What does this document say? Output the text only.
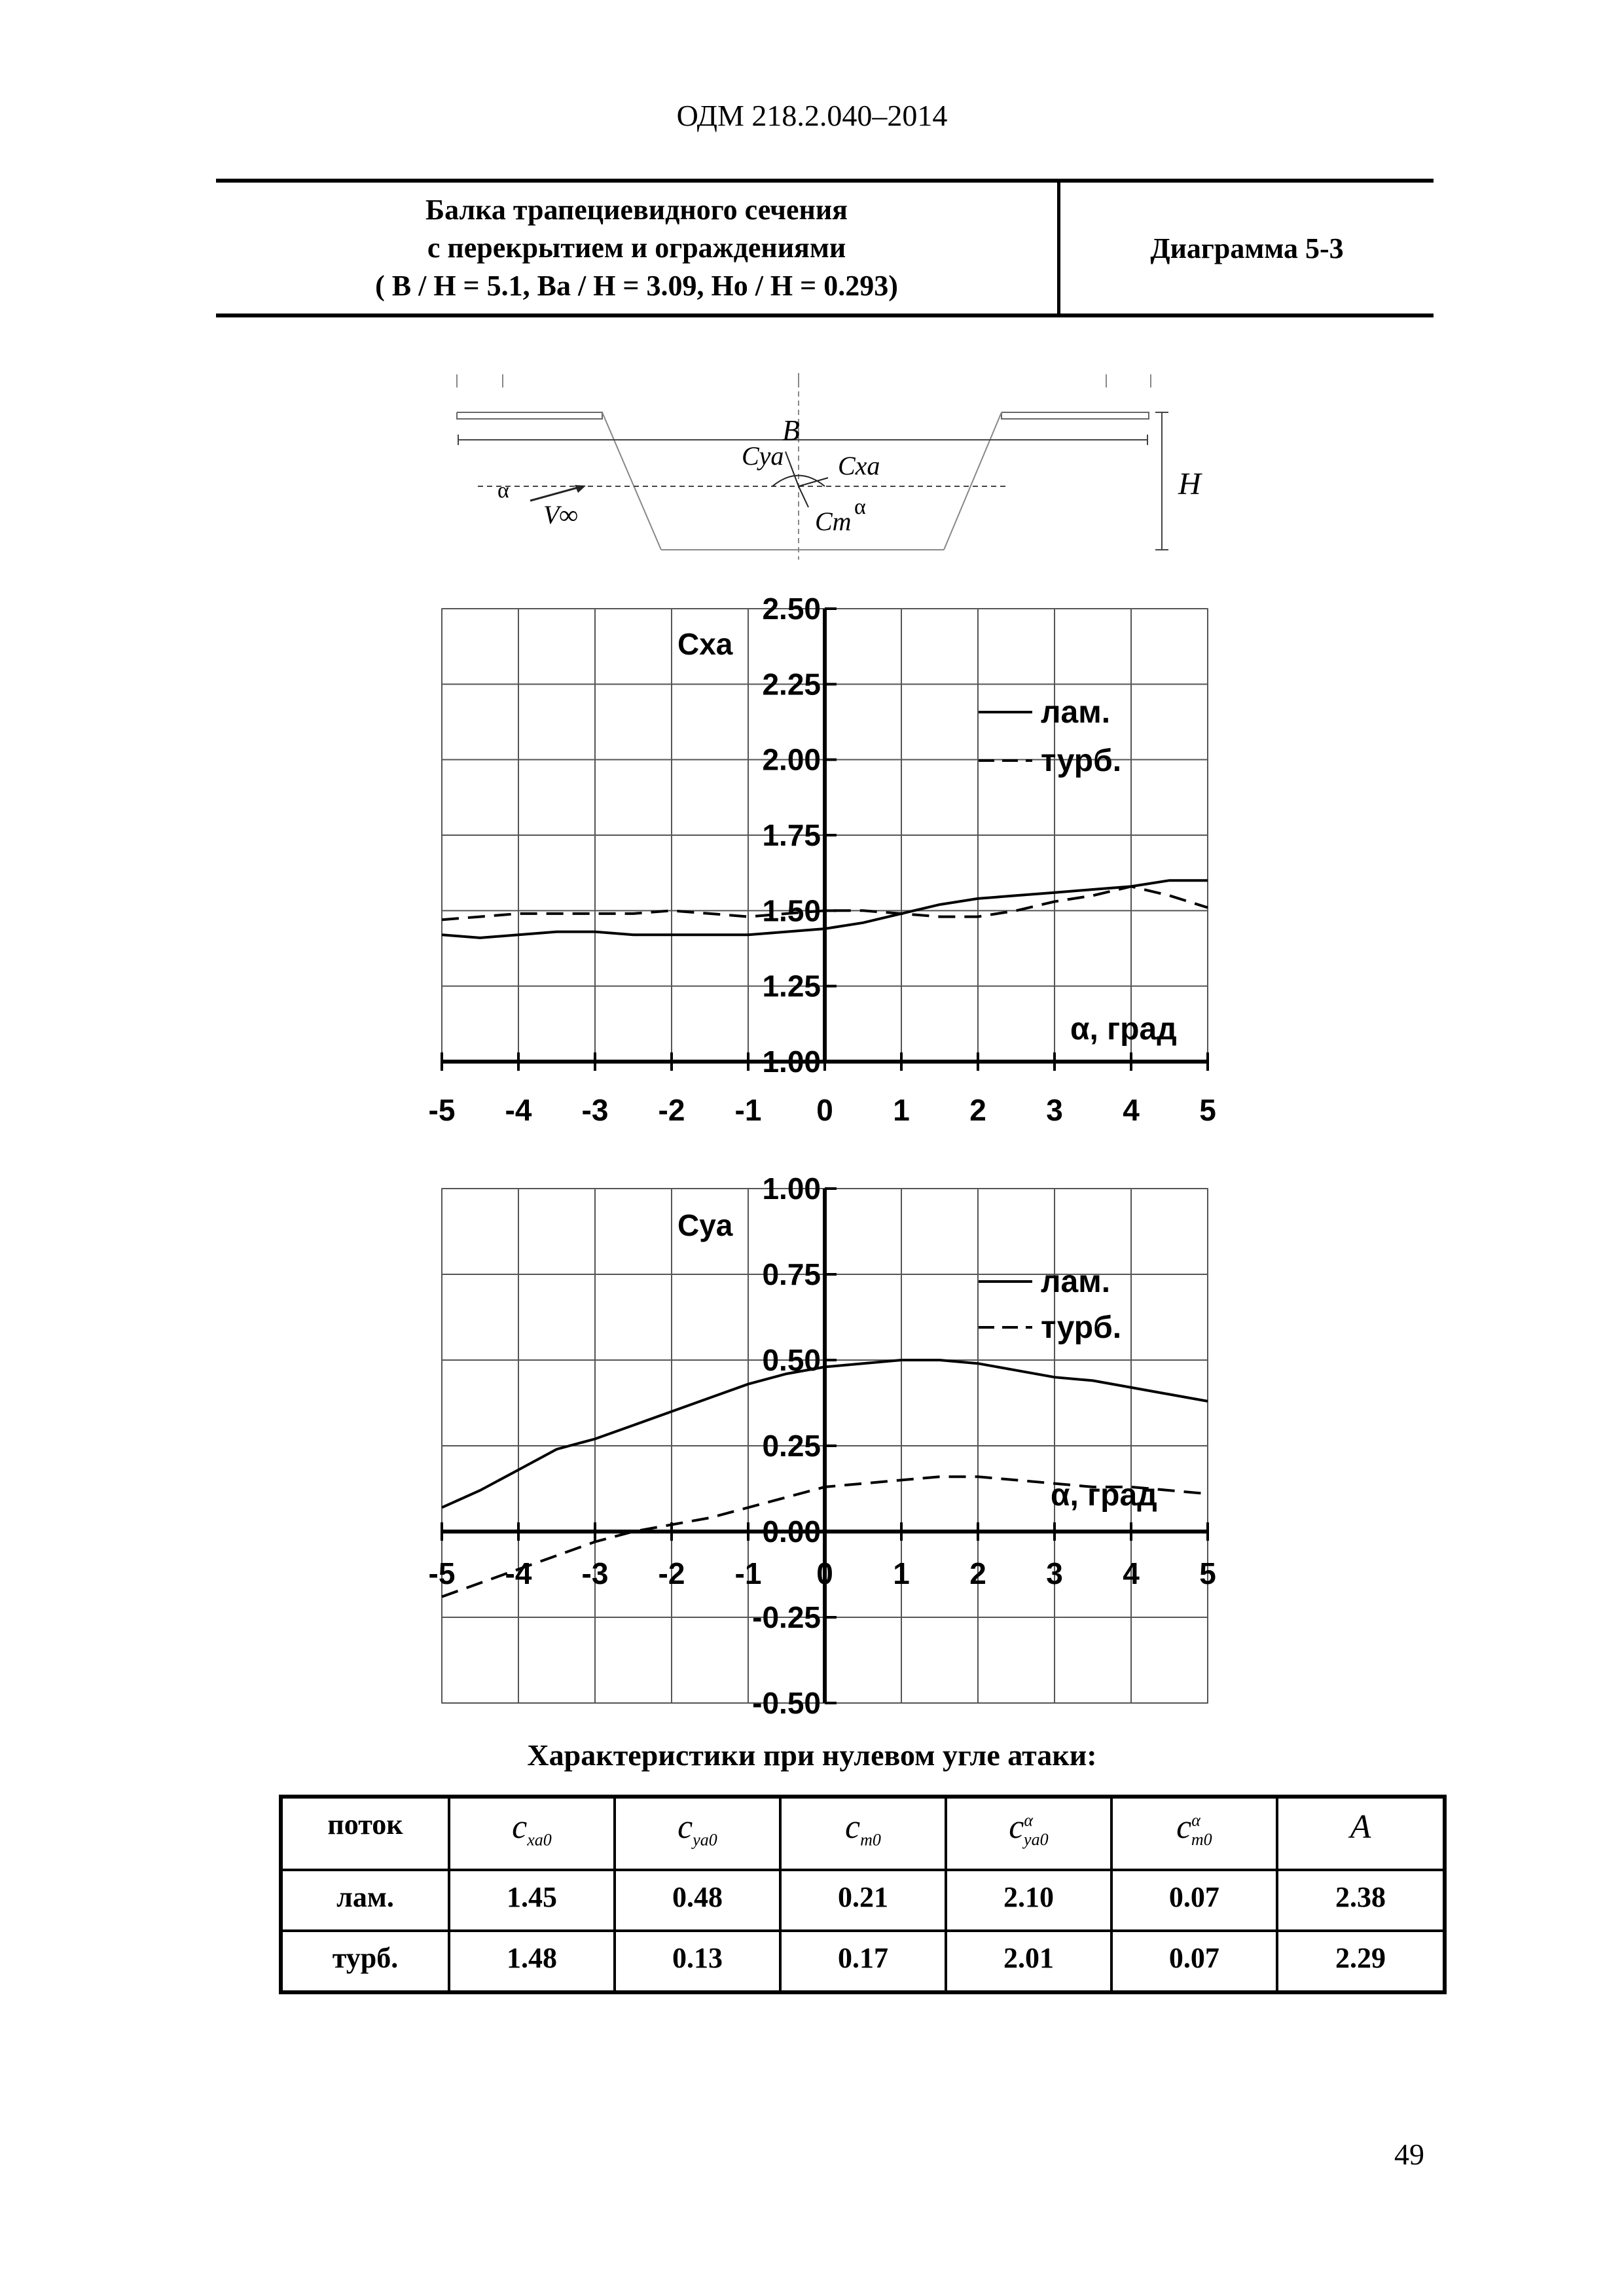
ОДМ 218.2.040–2014
Балка трапециевидного сечения
с перекрытием и ограждениями
( B / H = 5.1, Bа / H = 3.09, Hо / H = 0.293)
Диаграмма 5-3
B
H
α
V∞
Cya Cxa
Cm α
-5 -4 -3 -2 -1 0 1 2 3 4 5
1.00
1.25
1.50
1.75
2.00
2.25
2.50
Cxa
α, град
лам.
турб.
-5 -4 -3 -2 -1 0 1 2 3 4 5
-0.50
-0.25
0.00
0.25
0.50
0.75
1.00
Cya
α, град
лам.
турб.
Характеристики при нулевом угле атаки:
поток	$c_{xa0}$	$c_{ya0}$	$c_{m0}$	$c^\alpha_{ya0}$	$c^\alpha_{m0}$	A
лам.	1.45	0.48	0.21	2.10	0.07	2.38
турб.	1.48	0.13	0.17	2.01	0.07	2.29
49
